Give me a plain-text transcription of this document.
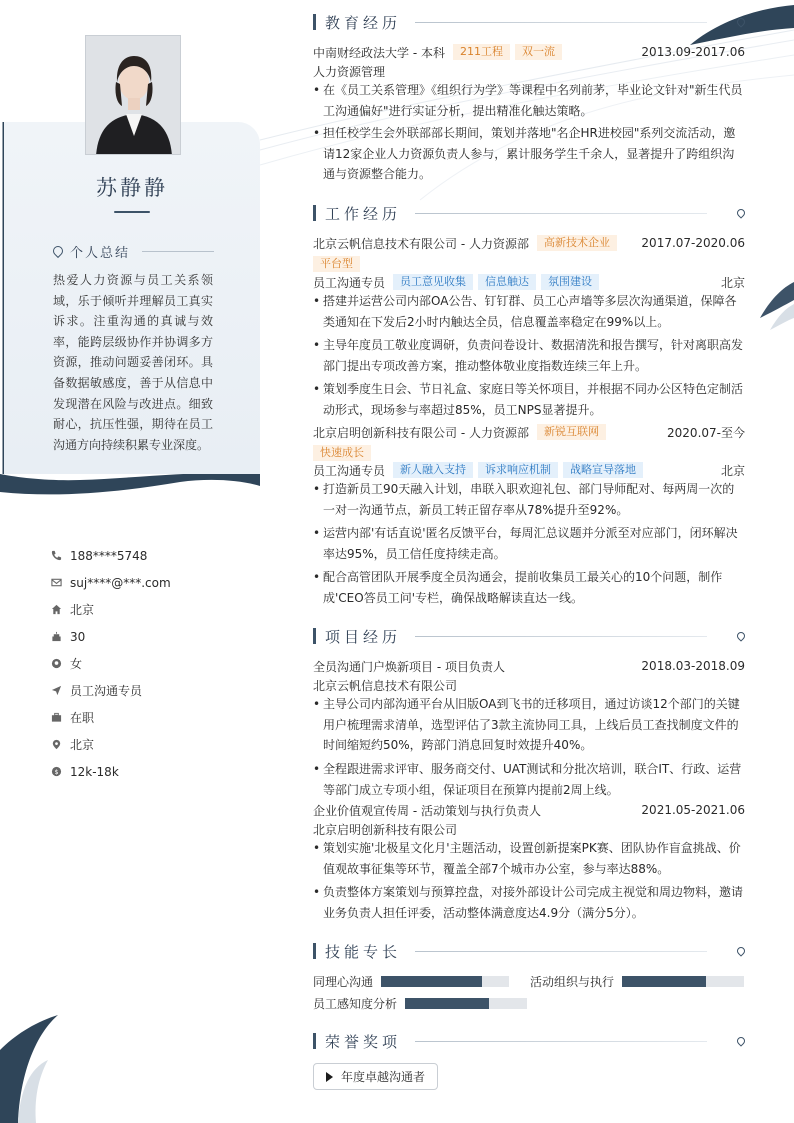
苏静静
个人总结
热爱人力资源与员工关系领域，乐于倾听并理解员工真实诉求。注重沟通的真诚与效率，能跨层级协作并协调多方资源，推动问题妥善闭环。具备数据敏感度，善于从信息中发现潜在风险与改进点。细致耐心，抗压性强，期待在员工沟通方向持续积累专业深度。
188****5748
suj****@***.com
北京
30
女
员工沟通专员
在职
北京
$ 12k-18k
教育经历
中南财经政法大学 - 本科	211工程	双一流	2013.09-2017.06
人力资源管理
• 在《员工关系管理》《组织行为学》等课程中名列前茅，毕业论文针对"新生代员工沟通偏好"进行实证分析，提出精准化触达策略。
• 担任校学生会外联部部长期间，策划并落地"名企HR进校园"系列交流活动，邀请12家企业人力资源负责人参与，累计服务学生千余人，显著提升了跨组织沟通与资源整合能力。
工作经历
北京云帆信息技术有限公司 - 人力资源部	高新技术企业	2017.07-2020.06
平台型
员工沟通专员	员工意见收集	信息触达	氛围建设	北京
• 搭建并运营公司内部OA公告、钉钉群、员工心声墙等多层次沟通渠道，保障各类通知在下发后2小时内触达全员，信息覆盖率稳定在99%以上。
• 主导年度员工敬业度调研，负责问卷设计、数据清洗和报告撰写，针对离职高发部门提出专项改善方案，推动整体敬业度指数连续三年上升。
• 策划季度生日会、节日礼盒、家庭日等关怀项目，并根据不同办公区特色定制活动形式，现场参与率超过85%，员工NPS显著提升。
北京启明创新科技有限公司 - 人力资源部	新锐互联网	2020.07-至今
快速成长
员工沟通专员	新人融入支持	诉求响应机制	战略宣导落地	北京
• 打造新员工90天融入计划，串联入职欢迎礼包、部门导师配对、每两周一次的一对一沟通节点，新员工转正留存率从78%提升至92%。
• 运营内部'有话直说'匿名反馈平台，每周汇总议题并分派至对应部门，闭环解决率达95%，员工信任度持续走高。
• 配合高管团队开展季度全员沟通会，提前收集员工最关心的10个问题，制作成'CEO答员工问'专栏，确保战略解读直达一线。
项目经历
全员沟通门户焕新项目 - 项目负责人	2018.03-2018.09
北京云帆信息技术有限公司
• 主导公司内部沟通平台从旧版OA到飞书的迁移项目，通过访谈12个部门的关键用户梳理需求清单，选型评估了3款主流协同工具，上线后员工查找制度文件的时间缩短约50%，跨部门消息回复时效提升40%。
• 全程跟进需求评审、服务商交付、UAT测试和分批次培训，联合IT、行政、运营等部门成立专项小组，保证项目在预算内提前2周上线。
企业价值观宣传周 - 活动策划与执行负责人	2021.05-2021.06
北京启明创新科技有限公司
• 策划实施'北极星文化月'主题活动，设置创新提案PK赛、团队协作盲盒挑战、价值观故事征集等环节，覆盖全部7个城市办公室，参与率达88%。
• 负责整体方案策划与预算控盘，对接外部设计公司完成主视觉和周边物料，邀请业务负责人担任评委，活动整体满意度达4.9分（满分5分）。
技能专长
同理心沟通	活动组织与执行
员工感知度分析
荣誉奖项
年度卓越沟通者
